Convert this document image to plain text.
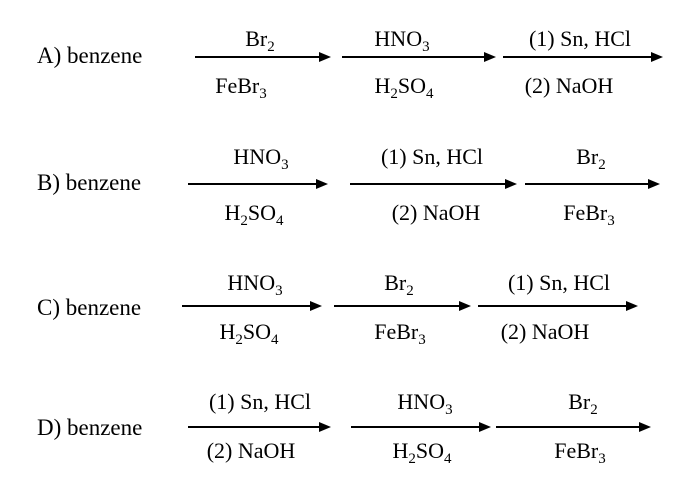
A) benzene
$Br_2$
FeBr$_3$
$HNO_3$
$H_2SO_4$
(1) Sn, HCl
(2) NaOH
B) benzene
$HNO_3$
$H_2SO_4$
(1) Sn, HCl
(2) NaOH
$Br_2$
FeBr$_3$
C) benzene
$HNO_3$
$H_2SO_4$
$Br_2$
FeBr$_3$
(1) Sn, HCl
(2) NaOH
D) benzene
(1) Sn, HCl
(2) NaOH
$HNO_3$
$H_2SO_4$
$Br_2$
FeBr$_3$
